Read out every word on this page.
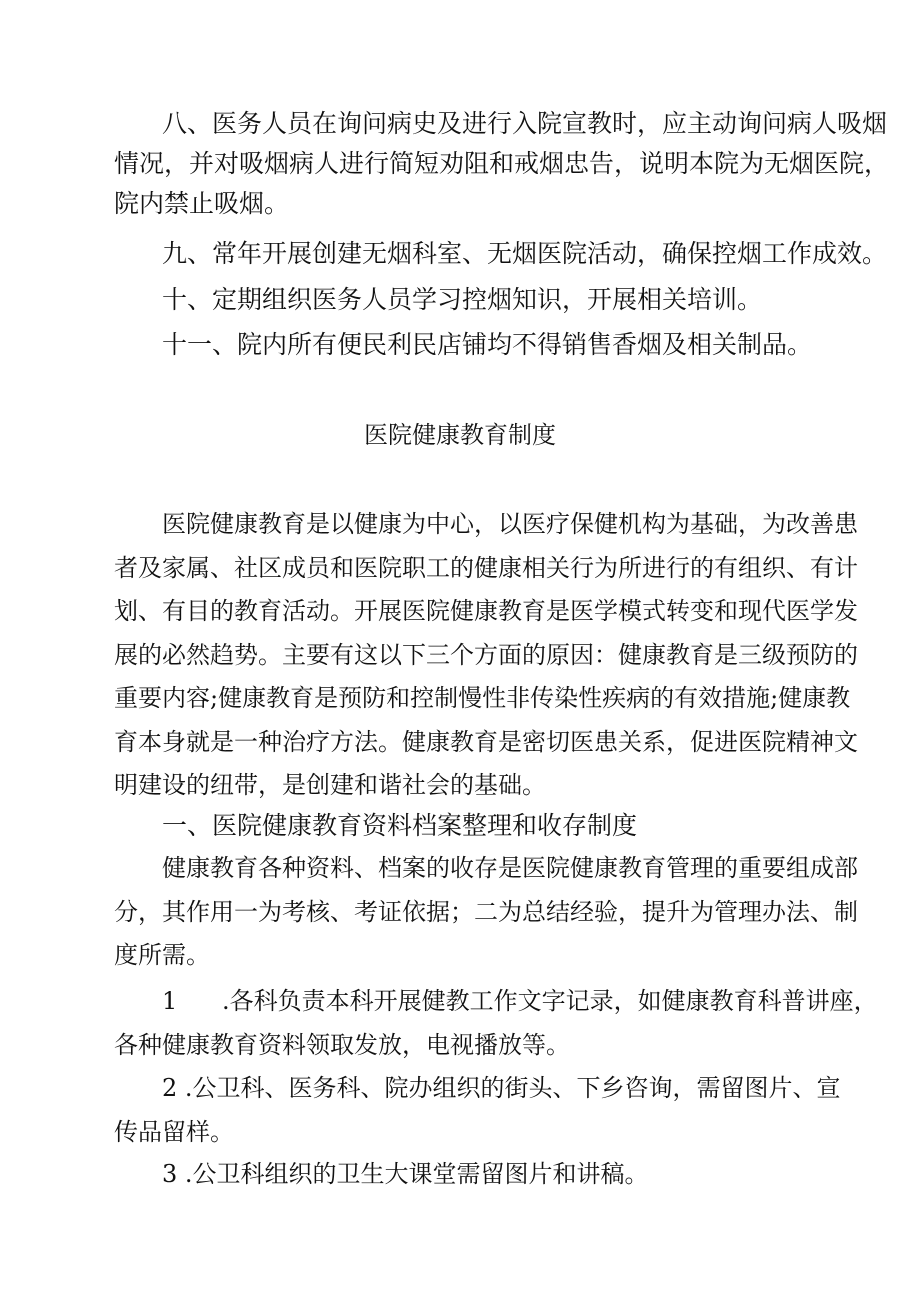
八、医务人员在询问病史及进行入院宣教时，应主动询问病人吸烟
情况，并对吸烟病人进行简短劝阻和戒烟忠告，说明本院为无烟医院，
院内禁止吸烟。
九、常年开展创建无烟科室、无烟医院活动，确保控烟工作成效。
十、定期组织医务人员学习控烟知识，开展相关培训。
十一、院内所有便民利民店铺均不得销售香烟及相关制品。
医院健康教育制度
医院健康教育是以健康为中心，以医疗保健机构为基础，为改善患
者及家属、社区成员和医院职工的健康相关行为所进行的有组织、有计
划、有目的教育活动。开展医院健康教育是医学模式转变和现代医学发
展的必然趋势。主要有这以下三个方面的原因：健康教育是三级预防的
重要内容;健康教育是预防和控制慢性非传染性疾病的有效措施;健康教
育本身就是一种治疗方法。健康教育是密切医患关系，促进医院精神文
明建设的纽带，是创建和谐社会的基础。
一、医院健康教育资料档案整理和收存制度
健康教育各种资料、档案的收存是医院健康教育管理的重要组成部
分，其作用一为考核、考证依据；二为总结经验，提升为管理办法、制
度所需。
1 .各科负责本科开展健教工作文字记录，如健康教育科普讲座，
各种健康教育资料领取发放，电视播放等。
2 .公卫科、医务科、院办组织的街头、下乡咨询，需留图片、宣
传品留样。
3 .公卫科组织的卫生大课堂需留图片和讲稿。
